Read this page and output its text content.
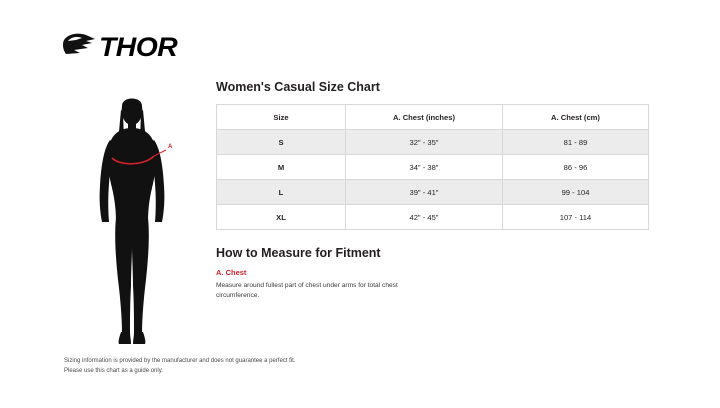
THOR
A
Women's Casual Size Chart
Size	A. Chest (inches)	A. Chest (cm)
S	32" - 35"	81 - 89
M	34" - 38"	86 - 96
L	39" - 41"	99 - 104
XL	42" - 45"	107 - 114
How to Measure for Fitment
A. Chest
Measure around fullest part of chest under arms for total chest circumference.
Sizing information is provided by the manufacturer and does not guarantee a perfect fit.
Please use this chart as a guide only.
